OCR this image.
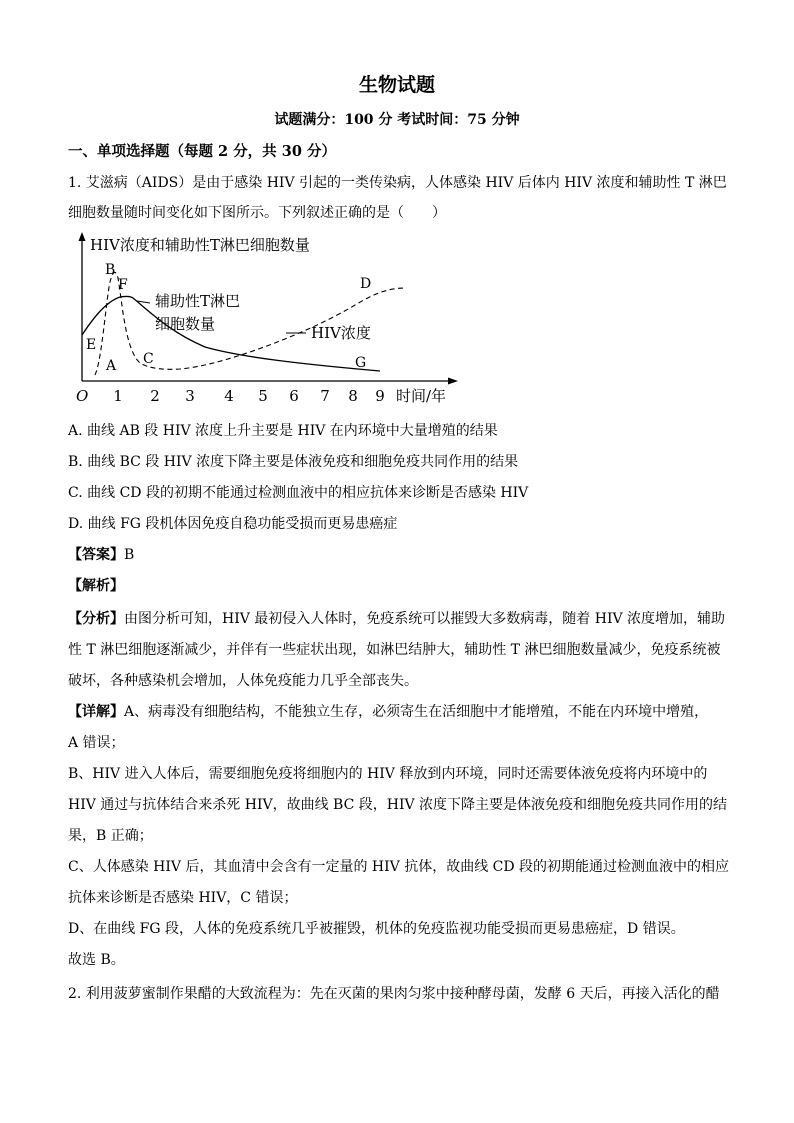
生物试题
试题满分：100 分 考试时间：75 分钟
一、单项选择题（每题 2 分，共 30 分）
1. 艾滋病（AIDS）是由于感染 HIV 引起的一类传染病，人体感染 HIV 后体内 HIV 浓度和辅助性 T 淋巴
细胞数量随时间变化如下图所示。下列叙述正确的是（　　）
HIV浓度和辅助性T淋巴细胞数量
时间/年
O 1 2 3 4 5 6 7 8 9
A
B
C
D
E
F
G
辅助性T淋巴
细胞数量	HIV浓度
A. 曲线 AB 段 HIV 浓度上升主要是 HIV 在内环境中大量增殖的结果
B. 曲线 BC 段 HIV 浓度下降主要是体液免疫和细胞免疫共同作用的结果
C. 曲线 CD 段的初期不能通过检测血液中的相应抗体来诊断是否感染 HIV
D. 曲线 FG 段机体因免疫自稳功能受损而更易患癌症
【答案】B
【解析】
【分析】由图分析可知，HIV 最初侵入人体时，免疫系统可以摧毁大多数病毒，随着 HIV 浓度增加，辅助
性 T 淋巴细胞逐渐减少，并伴有一些症状出现，如淋巴结肿大，辅助性 T 淋巴细胞数量减少，免疫系统被
破坏，各种感染机会增加，人体免疫能力几乎全部丧失。
【详解】A、病毒没有细胞结构，不能独立生存，必须寄生在活细胞中才能增殖，不能在内环境中增殖，
A 错误；
B、HIV 进入人体后，需要细胞免疫将细胞内的 HIV 释放到内环境，同时还需要体液免疫将内环境中的
HIV 通过与抗体结合来杀死 HIV，故曲线 BC 段，HIV 浓度下降主要是体液免疫和细胞免疫共同作用的结
果，B 正确；
C、人体感染 HIV 后，其血清中会含有一定量的 HIV 抗体，故曲线 CD 段的初期能通过检测血液中的相应
抗体来诊断是否感染 HIV，C 错误；
D、在曲线 FG 段，人体的免疫系统几乎被摧毁，机体的免疫监视功能受损而更易患癌症，D 错误。
故选 B。
2. 利用菠萝蜜制作果醋的大致流程为：先在灭菌的果肉匀浆中接种酵母菌，发酵 6 天后，再接入活化的醋
